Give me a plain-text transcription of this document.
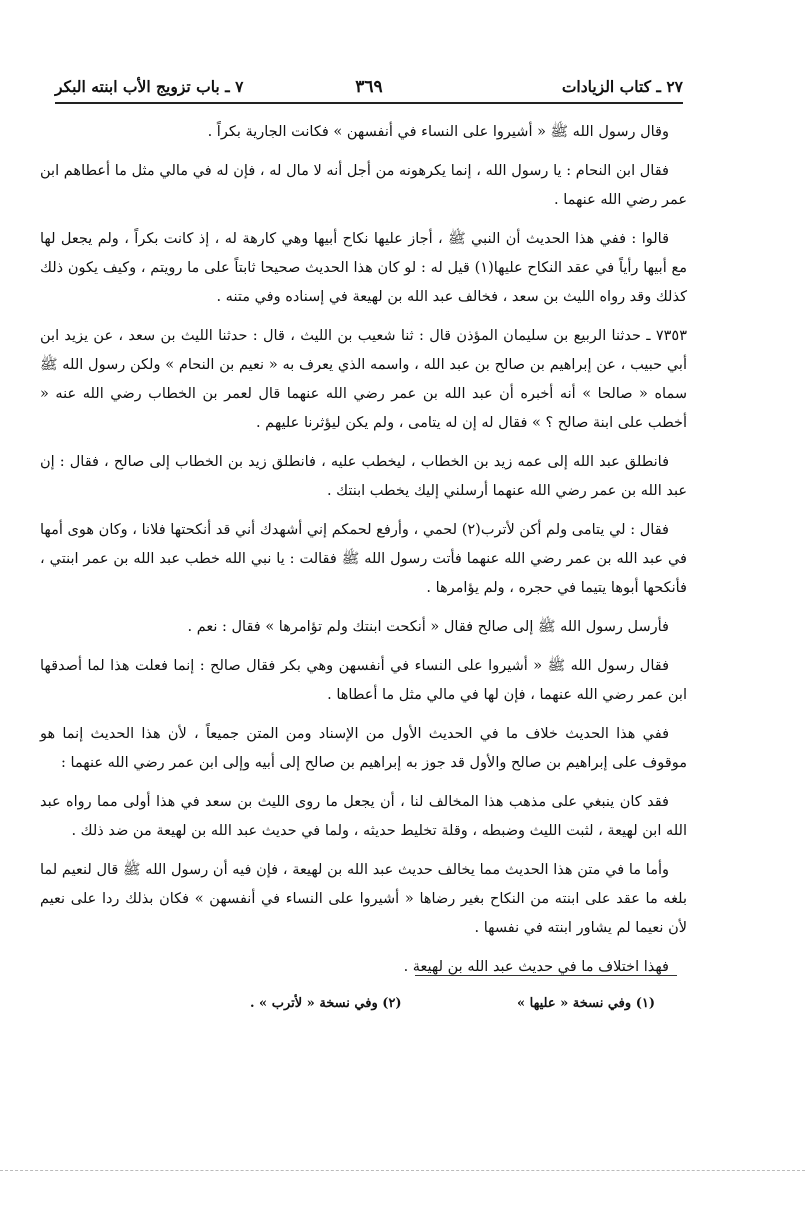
٢٧ ـ كتاب الزيادات
٣٦٩
٧ ـ باب تزويج الأب ابنته البكر

وقال رسول الله ﷺ « أشيروا على النساء في أنفسهن » فكانت الجارية بكراً .

فقال ابن النحام : يا رسول الله ، إنما يكرهونه من أجل أنه لا مال له ، فإن له في مالي مثل ما أعطاهم ابن عمر رضي الله عنهما .

قالوا : ففي هذا الحديث أن النبي ﷺ ، أجاز عليها نكاح أبيها وهي كارهة له ، إذ كانت بكراً ، ولم يجعل لها مع أبيها رأياً في عقد النكاح عليها(١) قيل له : لو كان هذا الحديث صحيحا ثابتاً على ما رويتم ، وكيف يكون ذلك كذلك وقد رواه الليث بن سعد ، فخالف عبد الله بن لهيعة في إسناده وفي متنه .

٧٣٥٣ ـ حدثنا الربيع بن سليمان المؤذن قال : ثنا شعيب بن الليث ، قال : حدثنا الليث بن سعد ، عن يزيد ابن أبي حبيب ، عن إبراهيم بن صالح بن عبد الله ، واسمه الذي يعرف به « نعيم بن النحام » ولكن رسول الله ﷺ سماه « صالحا » أنه أخبره أن عبد الله بن عمر رضي الله عنهما قال لعمر بن الخطاب رضي الله عنه « أخطب على ابنة صالح ؟ » فقال له إن له يتامى ، ولم يكن ليؤثرنا عليهم .

فانطلق عبد الله إلى عمه زيد بن الخطاب ، ليخطب عليه ، فانطلق زيد بن الخطاب إلى صالح ، فقال : إن عبد الله بن عمر رضي الله عنهما أرسلني إليك يخطب ابنتك .

فقال : لي يتامى ولم أكن لأترب(٢) لحمي ، وأرفع لحمكم إني أشهدك أني قد أنكحتها فلانا ، وكان هوى أمها في عبد الله بن عمر رضي الله عنهما فأتت رسول الله ﷺ فقالت : يا نبي الله خطب عبد الله بن عمر ابنتي ، فأنكحها أبوها يتيما في حجره ، ولم يؤامرها .

فأرسل رسول الله ﷺ إلى صالح فقال « أنكحت ابنتك ولم تؤامرها » فقال : نعم .

فقال رسول الله ﷺ « أشيروا على النساء في أنفسهن وهي بكر فقال صالح : إنما فعلت هذا لما أصدقها ابن عمر رضي الله عنهما ، فإن لها في مالي مثل ما أعطاها .

ففي هذا الحديث خلاف ما في الحديث الأول من الإسناد ومن المتن جميعاً ، لأن هذا الحديث إنما هو موقوف على إبراهيم بن صالح والأول قد جوز به إبراهيم بن صالح إلى أبيه وإلى ابن عمر رضي الله عنهما :

فقد كان ينبغي على مذهب هذا المخالف لنا ، أن يجعل ما روى الليث بن سعد في هذا أولى مما رواه عبد الله ابن لهيعة ، لثبت الليث وضبطه ، وقلة تخليط حديثه ، ولما في حديث عبد الله بن لهيعة من ضد ذلك .

وأما ما في متن هذا الحديث مما يخالف حديث عبد الله بن لهيعة ، فإن فيه أن رسول الله ﷺ قال لنعيم لما بلغه ما عقد على ابنته من النكاح بغير رضاها « أشيروا على النساء في أنفسهن » فكان بذلك ردا على نعيم لأن نعيما لم يشاور ابنته في نفسها .

فهذا اختلاف ما في حديث عبد الله بن لهيعة .

(١) وفي نسخة « عليها »
(٢) وفي نسخة « لأترب » .
